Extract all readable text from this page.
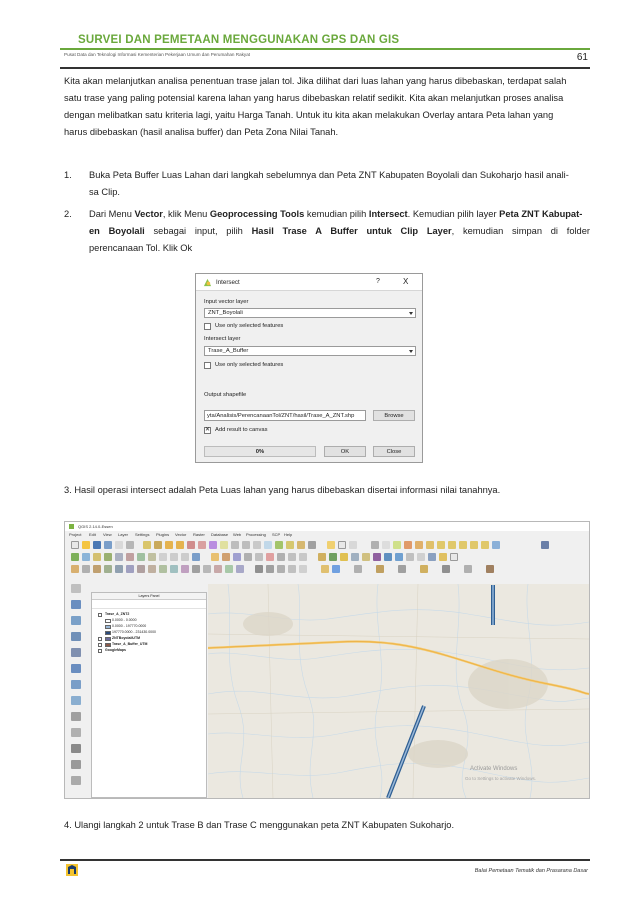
SURVEI DAN PEMETAAN MENGGUNAKAN GPS DAN GIS
Pusat Data dan Teknologi Informasi Kementerian Pekerjaan Umum dan Perumahan Rakyat	61
Kita akan melanjutkan analisa penentuan trase jalan tol. Jika dilihat dari luas lahan yang harus dibebaskan, terdapat salah
satu trase yang paling potensial karena lahan yang harus dibebaskan relatif sedikit. Kita akan melanjutkan proses analisa
dengan melibatkan satu kriteria lagi, yaitu Harga Tanah. Untuk itu kita akan melakukan Overlay antara Peta lahan yang
harus dibebaskan (hasil analisa buffer) dan Peta Zona Nilai Tanah.
1. Buka Peta Buffer Luas Lahan dari langkah sebelumnya dan Peta ZNT Kabupaten Boyolali dan Sukoharjo hasil anali-
sa Clip.
2. Dari Menu Vector, klik Menu Geoprocessing Tools kemudian pilih Intersect. Kemudian pilih layer Peta ZNT Kabupat-
en Boyolali sebagai input, pilih Hasil Trase A Buffer untuk Clip Layer, kemudian simpan di folder
perencanaan Tol. Klik Ok
Intersect	?	X
Input vector layer
ZNT_Boyolali
Use only selected features
Intersect layer
Trase_A_Buffer
Use only selected features
Output shapefile
yta/Analisis/PerencanaanTol/ZNT/hasil/Trase_A_ZNT.shp	Browse
✕ Add result to canvas
0%	OK	Close
3. Hasil operasi intersect adalah Peta Luas lahan yang harus dibebaskan disertai informasi nilai tanahnya.
QGIS 2.14.0-Essen
Project Edit View Layer Settings Plugins Vector Raster Database Web Processing SCP Help
Layers Panel
Trase_A_ZNT2
0.0000 - 0.0000
0.0000 - 197770.0000
197770.0000 - 231430.0000
ZNTBoyolaliUTM
Trase_A_Buffer_UTM
GoogleMaps
Activate Windows
Go to Settings to activate Windows.
4. Ulangi langkah 2 untuk Trase B dan Trase C menggunakan peta ZNT Kabupaten Sukoharjo.
Balai Pemetaan Tematik dan Prasarana Dasar
